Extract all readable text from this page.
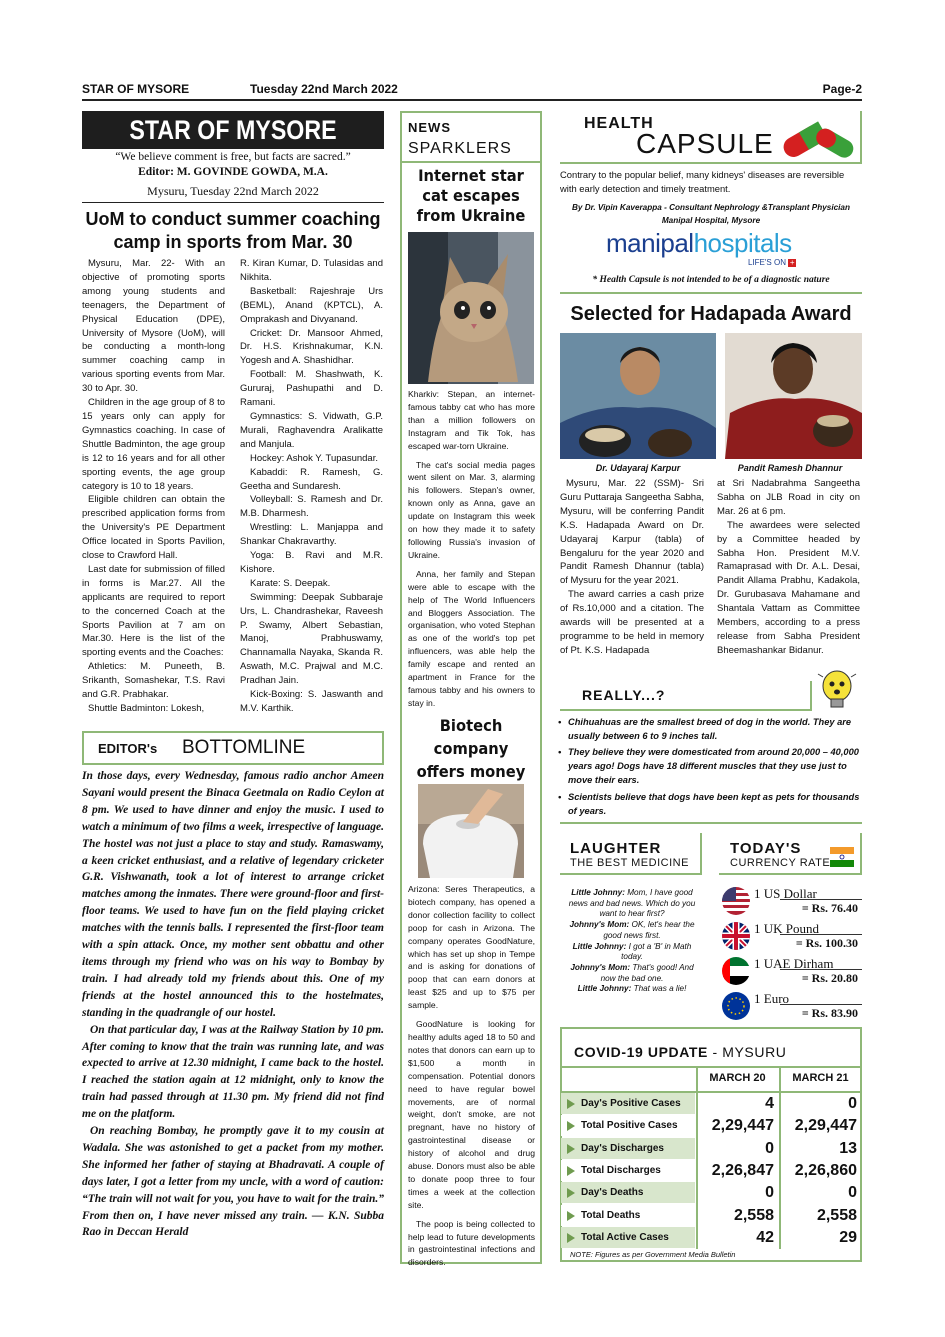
STAR OF MYSORE	Tuesday 22nd March 2022	Page-2
STAR OF MYSORE
“We believe comment is free, but facts are sacred.”
Editor: M. GOVINDE GOWDA, M.A.
Mysuru, Tuesday 22nd March 2022
UoM to conduct summer coaching
camp in sports from Mar. 30

Mysuru, Mar. 22- With an objective of promoting sports among young students and teenagers, the Department of Physical Education (DPE), University of Mysore (UoM), will be conducting a month-long summer coaching camp in various sporting events from Mar. 30 to Apr. 30.

Children in the age group of 8 to 15 years only can apply for Gymnastics coaching. In case of Shuttle Badminton, the age group is 12 to 16 years and for all other sporting events, the age group category is 10 to 18 years.

Eligible children can obtain the prescribed application forms from the University's PE Department Office located in Sports Pavilion, close to Crawford Hall.

Last date for submission of filled in forms is Mar.27. All the applicants are required to report to the concerned Coach at the Sports Pavilion at 7 am on Mar.30. Here is the list of the sporting events and the Coaches:

Athletics: M. Puneeth, B. Srikanth, Somashekar, T.S. Ravi and G.R. Prabhakar.

Shuttle Badminton: Lokesh,

R. Kiran Kumar, D. Tulasidas and Nikhita.

Basketball: Rajeshraje Urs (BEML), Anand (KPTCL), A. Omprakash and Divyanand.

Cricket: Dr. Mansoor Ahmed, Dr. H.S. Krishnakumar, K.N. Yogesh and A. Shashidhar.

Football: M. Shashwath, K. Gururaj, Pashupathi and D. Ramani.

Gymnastics: S. Vidwath, G.P. Murali, Raghavendra Aralikatte and Manjula.

Hockey: Ashok Y. Tupasundar.

Kabaddi: R. Ramesh, G. Geetha and Sundaresh.

Volleyball: S. Ramesh and Dr. M.B. Dharmesh.

Wrestling: L. Manjappa and Shankar Chakravarthy.

Yoga: B. Ravi and M.R. Kishore.

Karate: S. Deepak.

Swimming: Deepak Subbaraje Urs, L. Chandrashekar, Raveesh P. Swamy, Albert Sebastian, Manoj, Prabhuswamy, Channamalla Nayaka, Skanda R. Aswath, M.C. Prajwal and M.C. Pradhan Jain.

Kick-Boxing: S. Jaswanth and M.V. Karthik.

EDITOR's BOTTOMLINE

In those days, every Wednesday, famous radio anchor Ameen Sayani would present the Binaca Geetmala on Radio Ceylon at 8 pm. We used to have dinner and enjoy the music. I used to watch a minimum of two films a week, irrespective of language. The hostel was not just a place to stay and study. Ramaswamy, a keen cricket enthusiast, and a relative of legendary cricketer G.R. Vishwanath, took a lot of interest to arrange cricket matches among the inmates. There were ground-floor and first-floor teams. We used to have fun on the field playing cricket matches with the tennis balls. I represented the first-floor team with a spin attack. Once, my mother sent obbattu and other items through my friend who was on his way to Bombay by train. I had already told my friends about this. One of my friends at the hostel announced this to the hostelmates, standing in the quadrangle of our hostel.

On that particular day, I was at the Railway Station by 10 pm. After coming to know that the train was running late, and was expected to arrive at 12.30 midnight, I came back to the hostel. I reached the station again at 12 midnight, only to know the train had passed through at 11.30 pm. My friend did not find me on the platform.

On reaching Bombay, he promptly gave it to my cousin at Wadala. She was astonished to get a packet from my mother. She informed her father of staying at Bhadravati. A couple of days later, I got a letter from my uncle, with a word of caution: “The train will not wait for you, you have to wait for the train.” From then on, I have never missed any train. — K.N. Subba Rao in Deccan Herald

NEWS
SPARKLERS
Internet star cat escapes from Ukraine

Kharkiv: Stepan, an internet-famous tabby cat who has more than a million followers on Instagram and Tik Tok, has escaped war-torn Ukraine.

The cat's social media pages went silent on Mar. 3, alarming his followers. Stepan's owner, known only as Anna, gave an update on Instagram this week on how they made it to safety following Russia's invasion of Ukraine.

Anna, her family and Stepan were able to escape with the help of The World Influencers and Bloggers Association. The organisation, who voted Stephan as one of the world's top pet influencers, was able help the family escape and rented an apartment in France for the famous tabby and his owners to stay in.

Biotech company offers money

Arizona: Seres Therapeutics, a biotech company, has opened a donor collection facility to collect poop for cash in Arizona. The company operates GoodNature, which has set up shop in Tempe and is asking for donations of poop that can earn donors at least $25 and up to $75 per sample.

GoodNature is looking for healthy adults aged 18 to 50 and notes that donors can earn up to $1,500 a month in compensation. Potential donors need to have regular bowel movements, are of normal weight, don't smoke, are not pregnant, have no history of gastrointestinal disease or history of alcohol and drug abuse. Donors must also be able to donate poop three to four times a week at the collection site.

The poop is being collected to help lead to future developments in gastrointestinal infections and disorders.

HEALTH
CAPSULE
Contrary to the popular belief, many kidneys' diseases are reversible with early detection and timely treatment.
By Dr. Vipin Kaverappa - Consultant Nephrology &Transplant Physician
Manipal Hospital, Mysore
manipalhospitals
LIFE'S ON +
* Health Capsule is not intended to be of a diagnostic nature
Selected for Hadapada Award
Dr. Udayaraj Karpur	Pandit Ramesh Dhannur

Mysuru, Mar. 22 (SSM)- Sri Guru Puttaraja Sangeetha Sabha, Mysuru, will be conferring Pandit K.S. Hadapada Award on Dr. Udayaraj Karpur (tabla) of Bengaluru for the year 2020 and Pandit Ramesh Dhannur (tabla) of Mysuru for the year 2021.

The award carries a cash prize of Rs.10,000 and a citation. The awards will be presented at a programme to be held in memory of Pt. K.S. Hadapada

at Sri Nadabrahma Sangeetha Sabha on JLB Road in city on Mar. 26 at 6 pm.

The awardees were selected by a Committee headed by Sabha Hon. President M.V. Ramaprasad with Dr. A.L. Desai, Pandit Allama Prabhu, Kadakola, Dr. Gurubasava Mahamane and Shantala Vattam as Committee Members, according to a press release from Sabha President Bheemashankar Bidanur.

REALLY...?
• Chihuahuas are the smallest breed of dog in the world. They are usually between 6 to 9 inches tall.
• They believe they were domesticated from around 20,000 – 40,000 years ago! Dogs have 18 different muscles that they use just to move their ears.
• Scientists believe that dogs have been kept as pets for thousands of years.
LAUGHTER
THE BEST MEDICINE

Little Johnny: Mom, I have good news and bad news. Which do you want to hear first?

Johnny's Mom: OK, let's hear the good news first.

Little Johnny: I got a 'B' in Math today.

Johnny's Mom: That's good! And now the bad one.

Little Johnny: That was a lie!

TODAY'S
CURRENCY RATE
1 US Dollar
= Rs. 76.40
1 UK Pound
= Rs. 100.30
1 UAE Dirham
= Rs. 20.80
1 Euro
= Rs. 83.90
COVID-19 UPDATE - MYSURU
MARCH 20	MARCH 21
Day's Positive Cases	4	0
Total Positive Cases	2,29,447	2,29,447
Day's Discharges	0	13
Total Discharges	2,26,847	2,26,860
Day's Deaths	0	0
Total Deaths	2,558	2,558
Total Active Cases	42	29
NOTE: Figures as per Government Media Bulletin
